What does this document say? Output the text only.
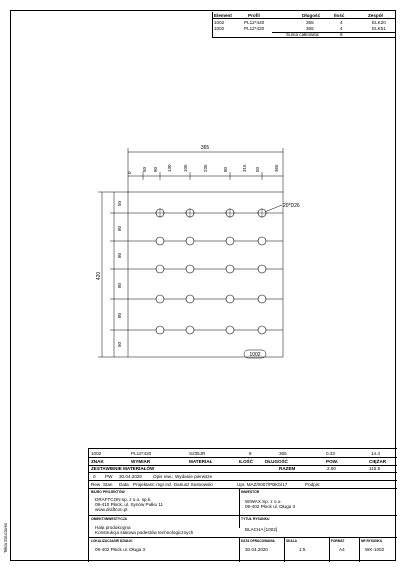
Tekla Structures
Element	Profil	Długość	Ilość	Zespół
1002	PL12*420	365	4	ELK20
1002	PL12*420	365	4	ELK51
Suma całkowita:	8
365
0
50 80 130 105	235	80	315 50	365
420
50
80
80
80
80
50
20*D26
1002
1002	PL12*420	S235JR	8	365	0.33	14.4
ZNAK	WYMIAR	MATERIAŁ	ILOŚĆ	DŁUGOŚĆ	POW.	CIĘŻAR
ZESTAWIENIE MATERIAŁÓW	RAZEM	2.60	115.5
0 PW 30.04.2020 Opis rew.: Wydanie pierwsze
Rew Stan Data Projektant: mgr inż. Dariusz Sosnowski	Upr. MAZ/0007/PBKb/17	Podpis:
BIURO PROJEKTÓW
DRAFTCON sp. z o.o. sp.k.
09-410 Płock, ul. Synów Pułku 11
www.draftcon.pl
INWESTOR
WIWAX Sp. z o.o.
09-402 Płock ul. Długa 3
OBIEKT/INWESTYCJA
Hala produkcyjna
Konstrukcja stalowa podestów technologicznych
TYTUŁ RYSUNKU
BLACHA [1002]
LOKALIZACJA/NR DZIAŁKI
09-402 Płock ul. Długa 3
DATA OPRACOWANIA
30.04.2020
SKALA
1:5
FORMAT
A4
NR RYSUNKU
WK-1002
